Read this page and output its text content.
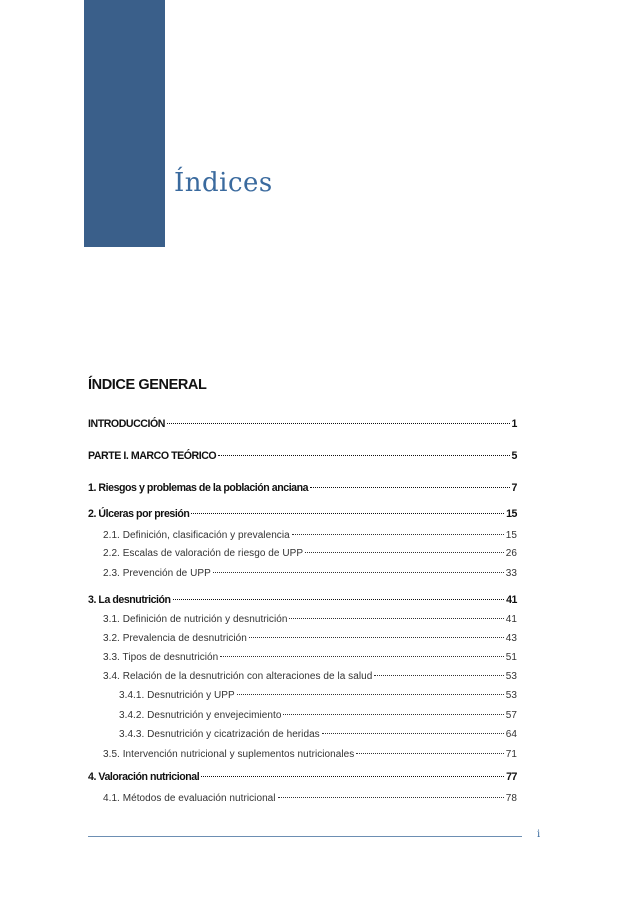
Índices
ÍNDICE GENERAL
INTRODUCCIÓN	1
PARTE I. MARCO TEÓRICO	5
1. Riesgos y problemas de la población anciana	7
2. Úlceras por presión	15
2.1. Definición, clasificación y prevalencia	15
2.2. Escalas de valoración de riesgo de UPP	26
2.3. Prevención de UPP	33
3. La desnutrición	41
3.1. Definición de nutrición y desnutrición	41
3.2. Prevalencia de desnutrición	43
3.3. Tipos de desnutrición	51
3.4. Relación de la desnutrición con alteraciones de la salud	53
3.4.1. Desnutrición y UPP	53
3.4.2. Desnutrición y envejecimiento	57
3.4.3. Desnutrición y cicatrización de heridas	64
3.5. Intervención nutricional y suplementos nutricionales	71
4. Valoración nutricional	77
4.1. Métodos de evaluación nutricional	78
i
